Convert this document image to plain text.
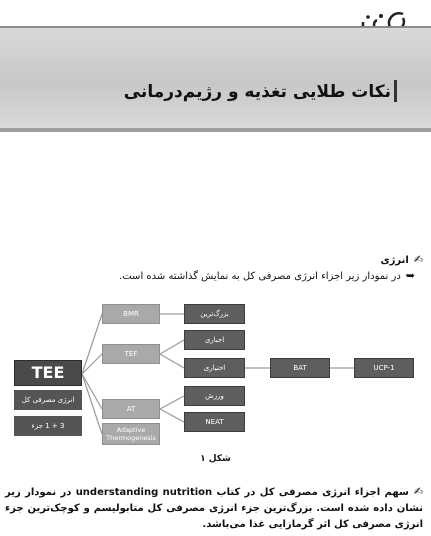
نکات طلایی تغذیه و رژیم‌درمانی
✍انرژی
➥در نمودار زیر اجزاء انرژی مصرفی کل به نمایش گذاشته شده است.
TEE
انرژی مصرفی کل
3 + 1 جزء
BMR
TEF
AT
Adaptive Thermogenesis
بزرگ‌ترین
اجباری
اختیاری
ورزش
NEAT
BAT	UCP-1
شکل ۱
✍سهم اجزاء انرژی مصرفی کل در کتاب understanding nutrition در نمودار زیر نشان داده شده است. بزرگ‌ترین جزء انرژی مصرفی کل متابولیسم و کوچک‌ترین جزء انرژی مصرفی کل اثر گرمازایی غذا می‌باشد.
